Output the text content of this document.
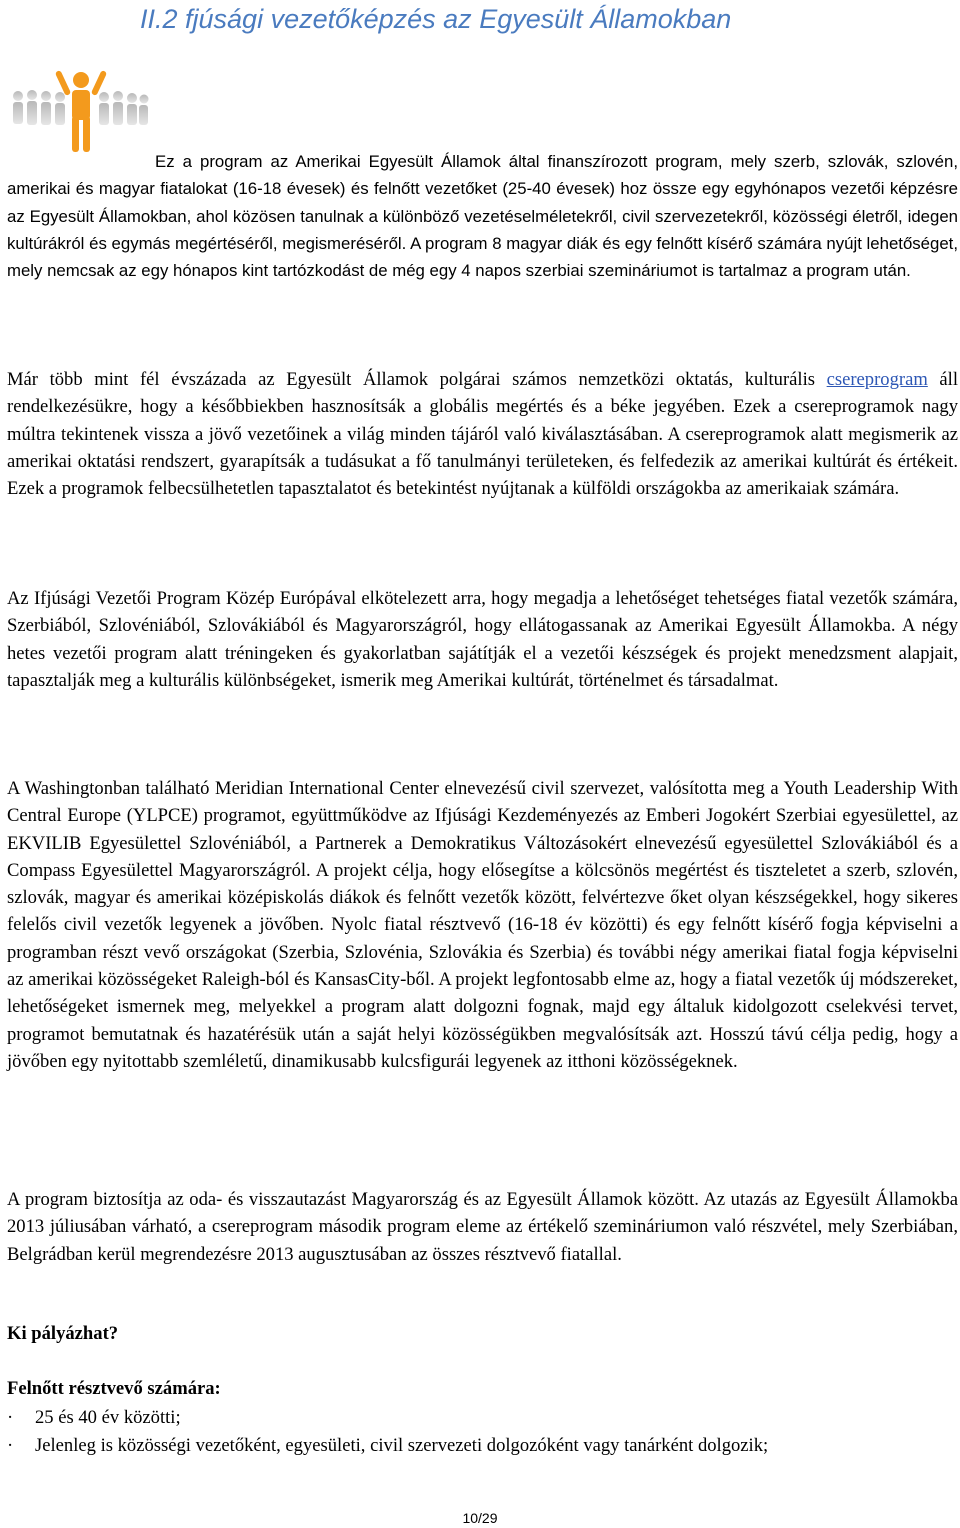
II.2 fjúsági vezetőképzés az Egyesült Államokban

Ez a program az Amerikai Egyesült Államok által finanszírozott program, mely szerb, szlovák, szlovén, amerikai és magyar fiatalokat (16-18 évesek) és felnőtt vezetőket (25-40 évesek) hoz össze egy egyhónapos vezetői képzésre az Egyesült Államokban, ahol közösen tanulnak a különböző vezetéselméletekről, civil szervezetekről, közösségi életről, idegen kultúrákról és egymás megértéséről, megismeréséről. A program 8 magyar diák és egy felnőtt kísérő számára nyújt lehetőséget, mely nemcsak az egy hónapos kint tartózkodást de még egy 4 napos szerbiai szemináriumot is tartalmaz a program után.

Már több mint fél évszázada az Egyesült Államok polgárai számos nemzetközi oktatás, kulturális csereprogram áll rendelkezésükre, hogy a későbbiekben hasznosítsák a globális megértés és a béke jegyében. Ezek a csereprogramok nagy múltra tekintenek vissza a jövő vezetőinek a világ minden tájáról való kiválasztásában. A csereprogramok alatt megismerik az amerikai oktatási rendszert, gyarapítsák a tudásukat a fő tanulmányi területeken, és felfedezik az amerikai kultúrát és értékeit. Ezek a programok felbecsülhetetlen tapasztalatot és betekintést nyújtanak a külföldi országokba az amerikaiak számára.

Az Ifjúsági Vezetői Program Közép Európával elkötelezett arra, hogy megadja a lehetőséget tehetséges fiatal vezetők számára, Szerbiából, Szlovéniából, Szlovákiából és Magyarországról, hogy ellátogassanak az Amerikai Egyesült Államokba. A négy hetes vezetői program alatt tréningeken és gyakorlatban sajátítják el a vezetői készségek és projekt menedzsment alapjait, tapasztalják meg a kulturális különbségeket, ismerik meg Amerikai kultúrát, történelmet és társadalmat.

A Washingtonban található Meridian International Center elnevezésű civil szervezet, valósította meg a Youth Leadership With Central Europe (YLPCE) programot, együttműködve az Ifjúsági Kezdeményezés az Emberi Jogokért Szerbiai egyesülettel, az EKVILIB Egyesülettel Szlovéniából, a Partnerek a Demokratikus Változásokért elnevezésű egyesülettel Szlovákiából és a Compass Egyesülettel Magyarországról. A projekt célja, hogy elősegítse a kölcsönös megértést és tiszteletet a szerb, szlovén, szlovák, magyar és amerikai középiskolás diákok és felnőtt vezetők között, felvértezve őket olyan készségekkel, hogy sikeres felelős civil vezetők legyenek a jövőben. Nyolc fiatal résztvevő (16-18 év közötti) és egy felnőtt kísérő fogja képviselni a programban részt vevő országokat (Szerbia, Szlovénia, Szlovákia és Szerbia) és további négy amerikai fiatal fogja képviselni az amerikai közösségeket Raleigh-ból és KansasCity-ből. A projekt legfontosabb elme az, hogy a fiatal vezetők új módszereket, lehetőségeket ismernek meg, melyekkel a program alatt dolgozni fognak, majd egy általuk kidolgozott cselekvési tervet, programot bemutatnak és hazatérésük után a saját helyi közösségükben megvalósítsák azt. Hosszú távú célja pedig, hogy a jövőben egy nyitottabb szemléletű, dinamikusabb kulcsfigurái legyenek az itthoni közösségeknek.

A program biztosítja az oda- és visszautazást Magyarország és az Egyesült Államok között. Az utazás az Egyesült Államokba 2013 júliusában várható, a csereprogram második program eleme az értékelő szemináriumon való részvétel, mely Szerbiában, Belgrádban kerül megrendezésre 2013 augusztusában az összes résztvevő fiatallal.

Ki pályázhat?
Felnőtt résztvevő számára:
· 25 és 40 év közötti;
· Jelenleg is közösségi vezetőként, egyesületi, civil szervezeti dolgozóként vagy tanárként dolgozik;
10/29
